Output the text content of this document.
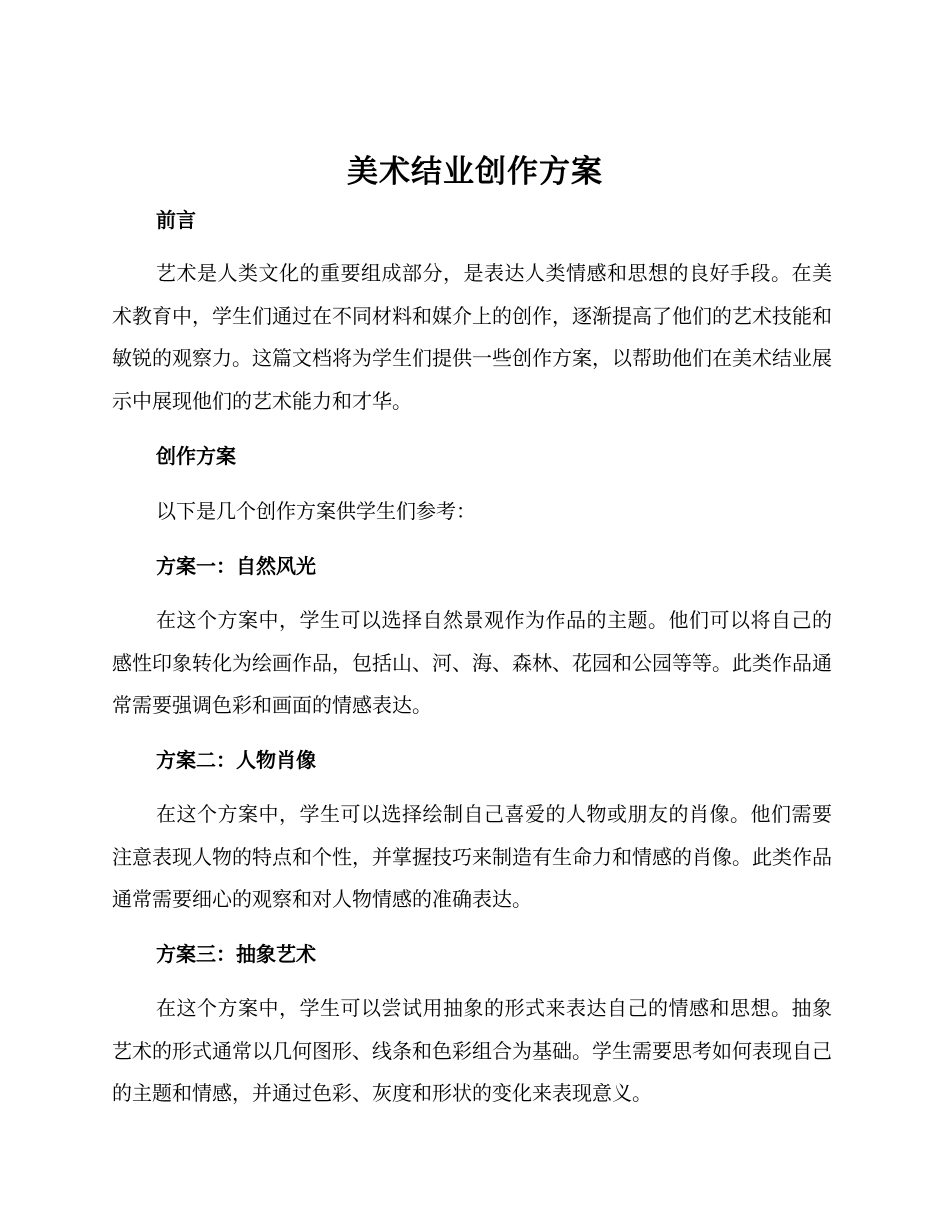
美术结业创作方案
前言

艺术是人类文化的重要组成部分，是表达人类情感和思想的良好手段。在美术教育中，学生们通过在不同材料和媒介上的创作，逐渐提高了他们的艺术技能和敏锐的观察力。这篇文档将为学生们提供一些创作方案，以帮助他们在美术结业展示中展现他们的艺术能力和才华。

创作方案

以下是几个创作方案供学生们参考：

方案一：自然风光

在这个方案中，学生可以选择自然景观作为作品的主题。他们可以将自己的感性印象转化为绘画作品，包括山、河、海、森林、花园和公园等等。此类作品通常需要强调色彩和画面的情感表达。

方案二：人物肖像

在这个方案中，学生可以选择绘制自己喜爱的人物或朋友的肖像。他们需要注意表现人物的特点和个性，并掌握技巧来制造有生命力和情感的肖像。此类作品通常需要细心的观察和对人物情感的准确表达。

方案三：抽象艺术

在这个方案中，学生可以尝试用抽象的形式来表达自己的情感和思想。抽象艺术的形式通常以几何图形、线条和色彩组合为基础。学生需要思考如何表现自己的主题和情感，并通过色彩、灰度和形状的变化来表现意义。
